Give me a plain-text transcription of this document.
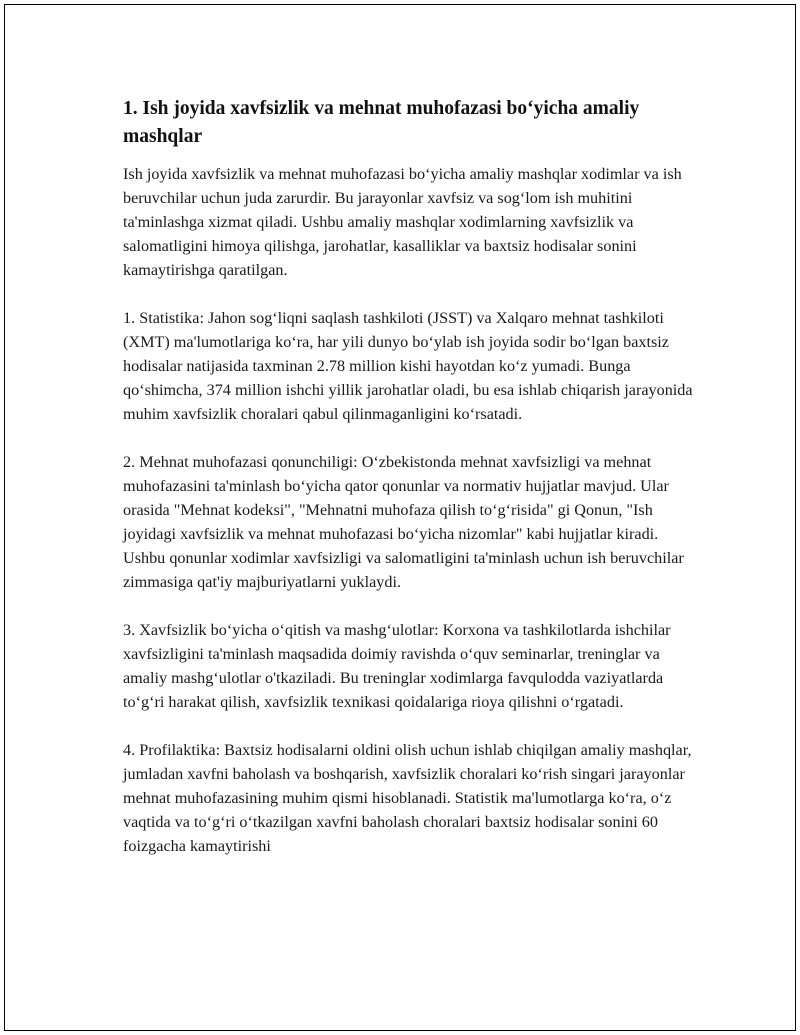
1. Ish joyida xavfsizlik va mehnat muhofazasi bo‘yicha amaliy mashqlar

Ish joyida xavfsizlik va mehnat muhofazasi bo‘yicha amaliy mashqlar xodimlar va ish beruvchilar uchun juda zarurdir. Bu jarayonlar xavfsiz va sog‘lom ish muhitini ta'minlashga xizmat qiladi. Ushbu amaliy mashqlar xodimlarning xavfsizlik va salomatligini himoya qilishga, jarohatlar, kasalliklar va baxtsiz hodisalar sonini kamaytirishga qaratilgan.

1. Statistika: Jahon sog‘liqni saqlash tashkiloti (JSST) va Xalqaro mehnat tashkiloti (XMT) ma'lumotlariga ko‘ra, har yili dunyo bo‘ylab ish joyida sodir bo‘lgan baxtsiz hodisalar natijasida taxminan 2.78 million kishi hayotdan ko‘z yumadi. Bunga qo‘shimcha, 374 million ishchi yillik jarohatlar oladi, bu esa ishlab chiqarish jarayonida muhim xavfsizlik choralari qabul qilinmaganligini ko‘rsatadi.

2. Mehnat muhofazasi qonunchiligi: O‘zbekistonda mehnat xavfsizligi va mehnat muhofazasini ta'minlash bo‘yicha qator qonunlar va normativ hujjatlar mavjud. Ular orasida "Mehnat kodeksi", "Mehnatni muhofaza qilish to‘g‘risida" gi Qonun, "Ish joyidagi xavfsizlik va mehnat muhofazasi bo‘yicha nizomlar" kabi hujjatlar kiradi. Ushbu qonunlar xodimlar xavfsizligi va salomatligini ta'minlash uchun ish beruvchilar zimmasiga qat'iy majburiyatlarni yuklaydi.

3. Xavfsizlik bo‘yicha o‘qitish va mashg‘ulotlar: Korxona va tashkilotlarda ishchilar xavfsizligini ta'minlash maqsadida doimiy ravishda o‘quv seminarlar, treninglar va amaliy mashg‘ulotlar o'tkaziladi. Bu treninglar xodimlarga favqulodda vaziyatlarda to‘g‘ri harakat qilish, xavfsizlik texnikasi qoidalariga rioya qilishni o‘rgatadi.

4. Profilaktika: Baxtsiz hodisalarni oldini olish uchun ishlab chiqilgan amaliy mashqlar, jumladan xavfni baholash va boshqarish, xavfsizlik choralari ko‘rish singari jarayonlar mehnat muhofazasining muhim qismi hisoblanadi. Statistik ma'lumotlarga ko‘ra, o‘z vaqtida va to‘g‘ri o‘tkazilgan xavfni baholash choralari baxtsiz hodisalar sonini 60 foizgacha kamaytirishi
